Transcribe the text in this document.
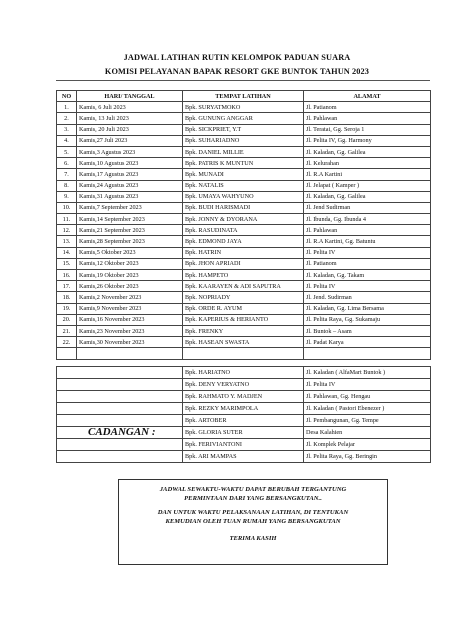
JADWAL LATIHAN RUTIN KELOMPOK PADUAN SUARA
KOMISI PELAYANAN BAPAK RESORT GKE BUNTOK TAHUN 2023
NO	HARI/ TANGGAL	TEMPAT LATIHAN	ALAMAT
1.	Kamis, 6 Juli 2023	Bpk. SURYATMOKO	Jl. Patianom
2.	Kamis, 13 Juli 2023	Bpk. GUNUNG ANGGAR	Jl. Pahlawan
3.	Kamis, 20 Juli 2023	Bpk. SICKPRIET, Y.T	Jl. Teratai, Gg. Seroja 1
4.	Kamis,27 Juli 2023	Bpk. SUHARIADNO	Jl. Pelita IV, Gg. Harmony
5.	Kamis,3 Agustus 2023	Bpk. DANIEL MILLIE	Jl. Kaladan, Gg. Galilea
6.	Kamis,10 Agustus 2023	Bpk. PATRIS K MUNTUN	Jl. Kelurahan
7.	Kamis,17 Agustus 2023	Bpk. MUNADI	Jl. R.A Kartini
8.	Kamis,24 Agustus 2023	Bpk. NATALIS	Jl. Jelapat ( Kamper )
9.	Kamis,31 Agustus 2023	Bpk. UMAYA WAHYUNO	Jl. Kaladan, Gg. Galilea
10.	Kamis,7 September 2023	Bpk. BUDI HARISMADI	Jl. Jend Sudirman
11.	Kamis,14 September 2023	Bpk. JONNY & DYORANA	Jl. Ibunda, Gg. Ibunda 4
12.	Kamis,21 September 2023	Bpk. RASUDINATA	Jl. Pahlawan
13.	Kamis,28 September 2023	Bpk. EDMOND JAYA	Jl. R.A Kartini, Gg. Batuntu
14.	Kamis,5 Oktober 2023	Bpk. HATRIN	Jl. Pelita IV
15.	Kamis,12 Oktober 2023	Bpk. JHON APRIADI	Jl. Patianom
16.	Kamis,19 Oktober 2023	Bpk. HAMPETO	Jl. Kaladan, Gg. Takam
17.	Kamis,26 Oktober 2023	Bpk. KAARAYEN & ADI SAPUTRA	Jl. Pelita IV
18.	Kamis,2 November 2023	Bpk. NOPRIADY	Jl. Jend. Sudirman
19.	Kamis,9 November 2023	Bpk. ORDE R. AYUM	Jl. Kaladan, Gg. Lima Bersama
20.	Kamis,16 November 2023	Bpk. KAPERIUS & HERIANTO	Jl. Pelita Raya, Gg. Sukamaju
21.	Kamis,23 November 2023	Bpk. FRENKY	Jl. Buntok – Asam
22.	Kamis,30 November 2023	Bpk. HASEAN SWASTA	Jl. Padat Karya

	Bpk. HARIATNO	Jl. Kaladan ( AlfaMart Buntok )
	Bpk. DENY VERYATNO	Jl. Pelita IV
	Bpk. RAHMATO Y. MADJEN	Jl. Pahlawan, Gg. Hengau
	Bpk. REZKY MARIMPOLA	Jl. Kaladan ( Pastori Ebenezer )
	Bpk. ARTOBER	Jl. Pembangunan, Gg. Tempe
	Bpk. GLORIA SUTER	Desa Kalahien
	Bpk. FERIVIANTONI	Jl. Komplek Pelajar
	Bpk. ARI MAMPAS	Jl. Pelita Raya, Gg. Beringin
CADANGAN :

JADWAL SEWAKTU-WAKTU DAPAT BERUBAH TERGANTUNG

PERMINTAAN DARI YANG BERSANGKUTAN..

DAN UNTUK WAKTU PELAKSANAAN LATIHAN, DI TENTUKAN

KEMUDIAN OLEH TUAN RUMAH YANG BERSANGKUTAN

TERIMA KASIH
